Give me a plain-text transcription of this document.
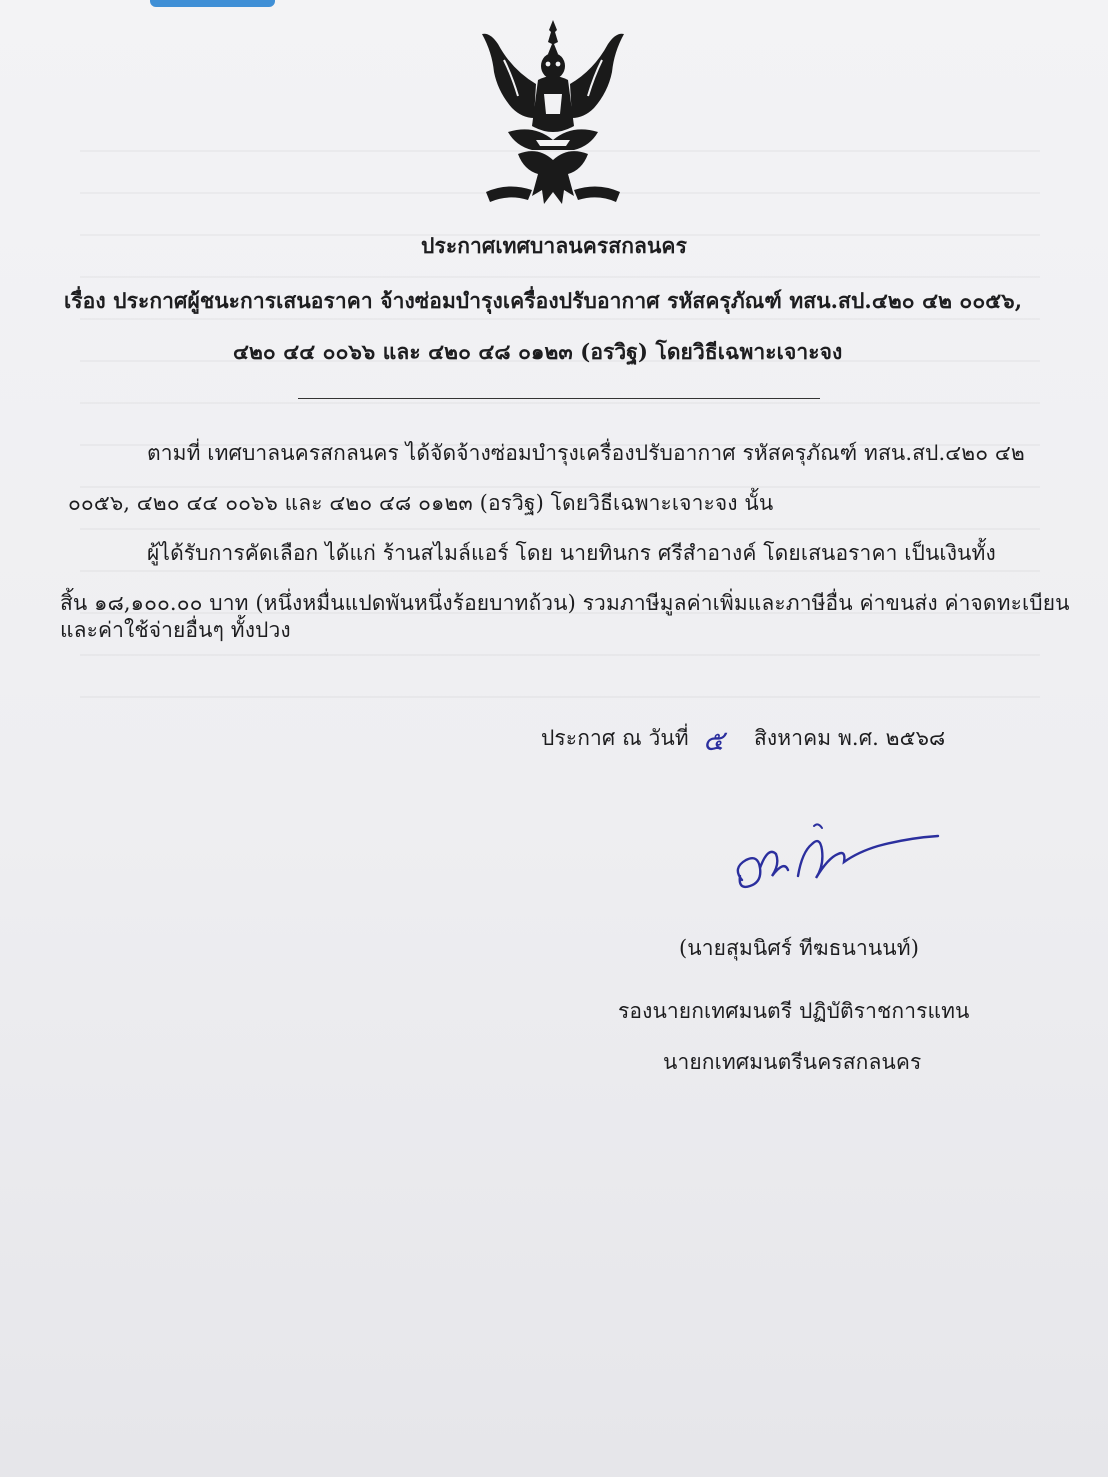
ประกาศเทศบาลนครสกลนคร
เรื่อง ประกาศผู้ชนะการเสนอราคา จ้างซ่อมบำรุงเครื่องปรับอากาศ รหัสครุภัณฑ์ ทสน.สป.๔๒๐ ๔๒ ๐๐๕๖,
๔๒๐ ๔๔ ๐๐๖๖ และ ๔๒๐ ๔๘ ๐๑๒๓ (อรวิฐ) โดยวิธีเฉพาะเจาะจง
ตามที่ เทศบาลนครสกลนคร ได้จัดจ้างซ่อมบำรุงเครื่องปรับอากาศ รหัสครุภัณฑ์ ทสน.สป.๔๒๐ ๔๒
๐๐๕๖, ๔๒๐ ๔๔ ๐๐๖๖ และ ๔๒๐ ๔๘ ๐๑๒๓ (อรวิฐ) โดยวิธีเฉพาะเจาะจง นั้น
ผู้ได้รับการคัดเลือก ได้แก่ ร้านสไมล์แอร์ โดย นายทินกร ศรีสำอางค์ โดยเสนอราคา เป็นเงินทั้ง
สิ้น ๑๘,๑๐๐.๐๐ บาท (หนึ่งหมื่นแปดพันหนึ่งร้อยบาทถ้วน) รวมภาษีมูลค่าเพิ่มและภาษีอื่น ค่าขนส่ง ค่าจดทะเบียน
และค่าใช้จ่ายอื่นๆ ทั้งปวง
ประกาศ ณ วันที่ ๕ สิงหาคม พ.ศ. ๒๕๖๘
(นายสุมนิศร์ ทีฆธนานนท์)
รองนายกเทศมนตรี ปฏิบัติราชการแทน
นายกเทศมนตรีนครสกลนคร
